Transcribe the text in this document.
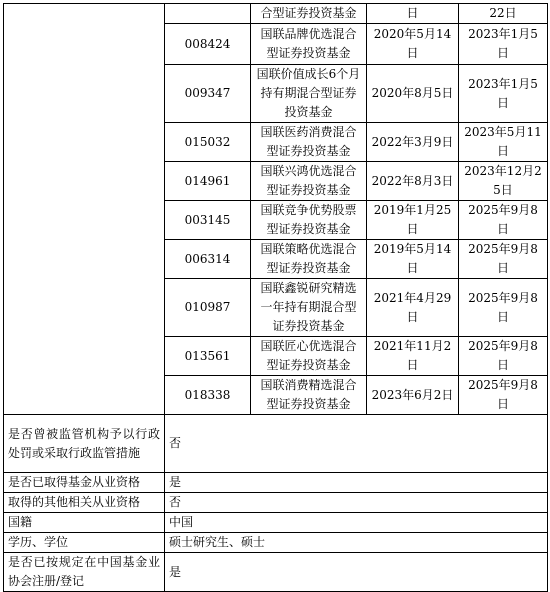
		合型证券投资基金	日	22日
	008424	国联品牌优选混合型证券投资基金	2020年5月14日	2023年1月5日
	009347	国联价值成长6个月持有期混合型证券投资基金	2020年8月5日	2023年1月5日
	015032	国联医药消费混合型证券投资基金	2022年3月9日	2023年5月11日
	014961	国联兴鸿优选混合型证券投资基金	2022年8月3日	2023年12月25日
	003145	国联竞争优势股票型证券投资基金	2019年1月25日	2025年9月8日
	006314	国联策略优选混合型证券投资基金	2019年5月14日	2025年9月8日
	010987	国联鑫锐研究精选一年持有期混合型证券投资基金	2021年4月29日	2025年9月8日
	013561	国联匠心优选混合型证券投资基金	2021年11月2日	2025年9月8日
	018338	国联消费精选混合型证券投资基金	2023年6月2日	2025年9月8日
是否曾被监管机构予以行政处罚或采取行政监管措施	否			
是否已取得基金从业资格	是			
取得的其他相关从业资格	否			
国籍	中国			
学历、学位	硕士研究生、硕士			
是否已按规定在中国基金业协会注册/登记	是			
